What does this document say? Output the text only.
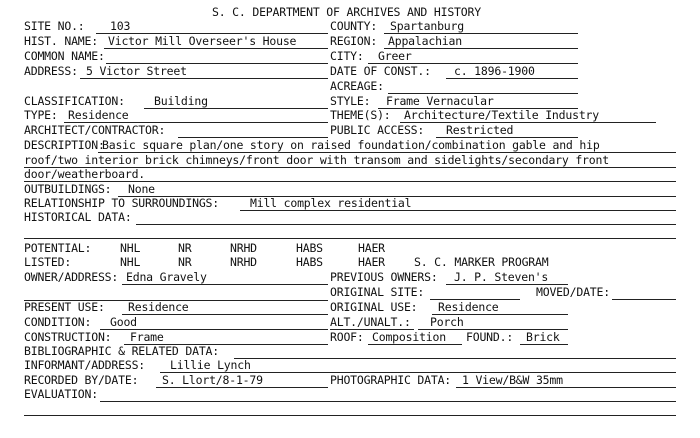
S. C. DEPARTMENT OF ARCHIVES AND HISTORY
SITE NO.: 103	COUNTY: Spartanburg
HIST. NAME: Victor Mill Overseer's House	REGION: Appalachian
COMMON NAME:	CITY: Greer
ADDRESS: 5 Victor Street	DATE OF CONST.: c. 1896-1900
ACREAGE:
CLASSIFICATION:	Building	STYLE: Frame Vernacular
TYPE: Residence	THEME(S): Architecture/Textile Industry
ARCHITECT/CONTRACTOR:	PUBLIC ACCESS: Restricted
DESCRIPTION:
Basic square plan/one story on raised foundation/combination gable and hip
roof/two interior brick chimneys/front door with transom and sidelights/secondary front
door/weatherboard.
OUTBUILDINGS: None
RELATIONSHIP TO SURROUNDINGS:	Mill complex residential
HISTORICAL DATA:
POTENTIAL:	NHL	NR	NRHD	HABS	HAER
LISTED:	NHL	NR	NRHD	HABS	HAER	S. C. MARKER PROGRAM
OWNER/ADDRESS: Edna Gravely	PREVIOUS OWNERS: J. P. Steven's
ORIGINAL SITE:	MOVED/DATE:
PRESENT USE: Residence	ORIGINAL USE: Residence
CONDITION: Good	ALT./UNALT.: Porch
CONSTRUCTION: Frame	ROOF: Composition FOUND.: Brick
BIBLIOGRAPHIC & RELATED DATA:
INFORMANT/ADDRESS: Lillie Lynch
RECORDED BY/DATE: S. Llort/8-1-79	PHOTOGRAPHIC DATA: 1 View/B&W 35mm
EVALUATION:
